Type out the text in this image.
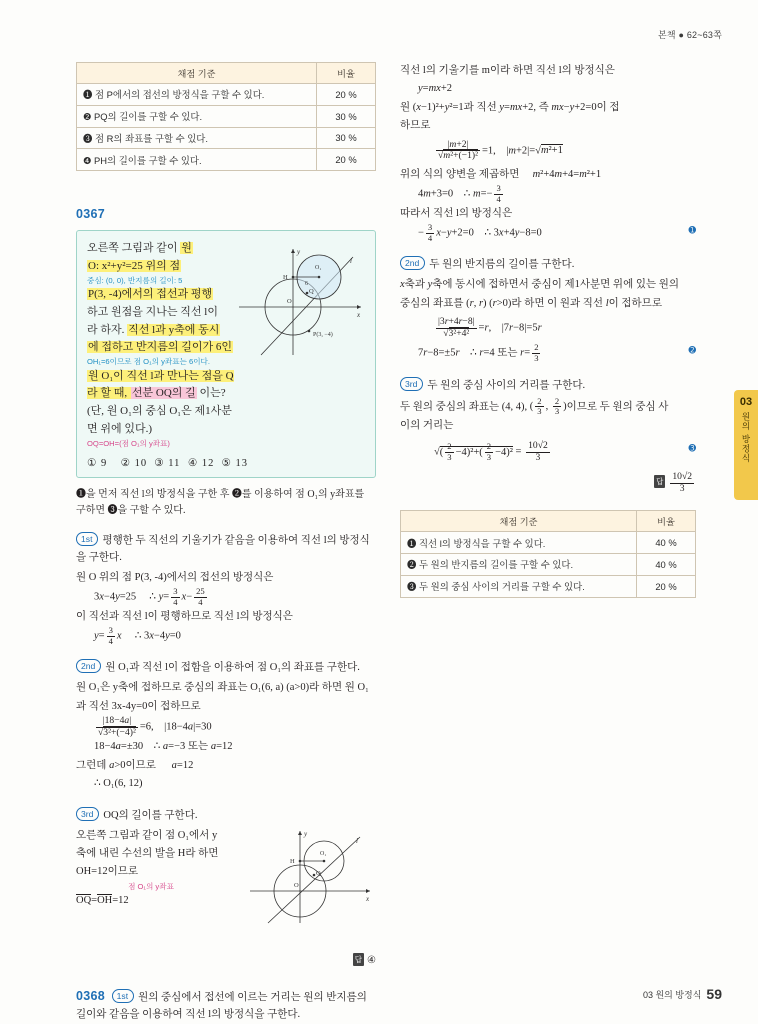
본책 ● 62~63쪽
채점 기준	비율
❶ 점 P에서의 접선의 방정식을 구할 수 있다.	20 %
❷ PQ의 길이를 구할 수 있다.	30 %
❸ 점 R의 좌표를 구할 수 있다.	30 %
❹ PH의 길이를 구할 수 있다.	20 %
0367
오른쪽 그림과 같이 원
O: x²+y²=25 위의 점
중심: (0, 0), 반지름의 길이: 5
P(3, -4)에서의 접선과 평행
하고 원점을 지나는 직선 l이
라 하자. 직선 l과 y축에 동시
에 접하고 반지름의 길이가 6인
OH₁=6이므로 점 O₁의 y좌표는 6이다.
원 O₁이 직선 l과 만나는 점을 Q라 할 때, 선분 OQ의 길 이는? (단, 원 O₁의 중심 O₁은 제1사분면 위에 있다.)
OQ=OH=(점 O₁의 y좌표)
① 9 ② 10 ③ 11 ④ 12 ⑤ 13
y
x
l
O
O₁
H
6
Q
P(3, −4)
❶을 먼저 직선 l의 방정식을 구한 후 ❷를 이용하여 점 O₁의 y좌표를 구하면 ❸을 구할 수 있다.
1st 평행한 두 직선의 기울기가 같음을 이용하여 직선 l의 방정식을 구한다.
원 O 위의 점 P(3, -4)에서의 접선의 방정식은
3x−4y=25     ∴ $y= \frac{3}{4} x- \frac{25}{4}$
이 직선과 직선 l이 평행하므로 직선 l의 방정식은
$y= \frac{3}{4}$ x     ∴ 3x−4y=0
2nd 원 O₁과 직선 l이 접함을 이용하여 점 O₁의 좌표를 구한다.
원 O₁은 y축에 접하므로 중심의 좌표는 O₁(6, a) (a>0)라 하면 원 O₁과 직선 3x-4y=0이 접하므로
$\frac{|18-4a|}{\text{√3²+(−4)²}} =6$,    |18−4a|=30
18−4a=±30    ∴ a=−3 또는 a=12
그런데 a>0이므로      a=12
∴ O₁(6, 12)
3rd OQ의 길이를 구한다.
오른쪽 그림과 같이 점 O₁에서 y축에 내린 수선의 발을 H라 하면 OH=12이므로
점 O₁의 y좌표
OQ=OH=12
y
x
l
O
O₁
H
Q
답 ④
0368 1st 원의 중심에서 접선에 이르는 거리는 원의 반지름의 길이와 같음을 이용하여 직선 l의 방정식을 구한다.
직선 l의 기울기를 m이라 하면 직선 l의 방정식은
y=mx+2
원 (x−1)²+y²=1과 직선 y=mx+2, 즉 mx−y+2=0이 접
하므로
$\frac{|m+2|}{\text{√m²+(−1)²}} =1$,    |m+2|=√m²+1
위의 식의 양변을 제곱하면     m²+4m+4=m²+1
4m+3=0    ∴ $m=- \frac{3}{4}$
따라서 직선 l의 방정식은
− $\frac{3}{4} x-y+2=0$    ∴ 3x+4y−8=0	➊
2nd 두 원의 반지름의 길이를 구한다.
x축과 y축에 동시에 접하면서 중심이 제1사분면 위에 있는 원의
중심의 좌표를 (r, r) (r>0)라 하면 이 원과 직선 l이 접하므로
$\frac{|3r+4r-8|}{\text{√3²+4²}} =r$,    |7r−8|=5r
7r−8=±5r    ∴ r=4 또는 $r= \frac{2}{3}$	➋
3rd 두 원의 중심 사이의 거리를 구한다.
두 원의 중심의 좌표는 (4, 4), ( $\frac{2}{3}$ , $\frac{2}{3}$ )이므로 두 원의 중심 사
이의 거리는
√( $\frac{2}{3} -4)^2+( \frac{2}{3} -4)^2 = \frac{10√2}{3}$	➌
답 $\frac{10√2}{3}$
채점 기준	비율
❶ 직선 l의 방정식을 구할 수 있다.	40 %
❷ 두 원의 반지름의 길이를 구할 수 있다.	40 %
❸ 두 원의 중심 사이의 거리를 구할 수 있다.	20 %
03
원의 방정식
03 원의 방정식 59
